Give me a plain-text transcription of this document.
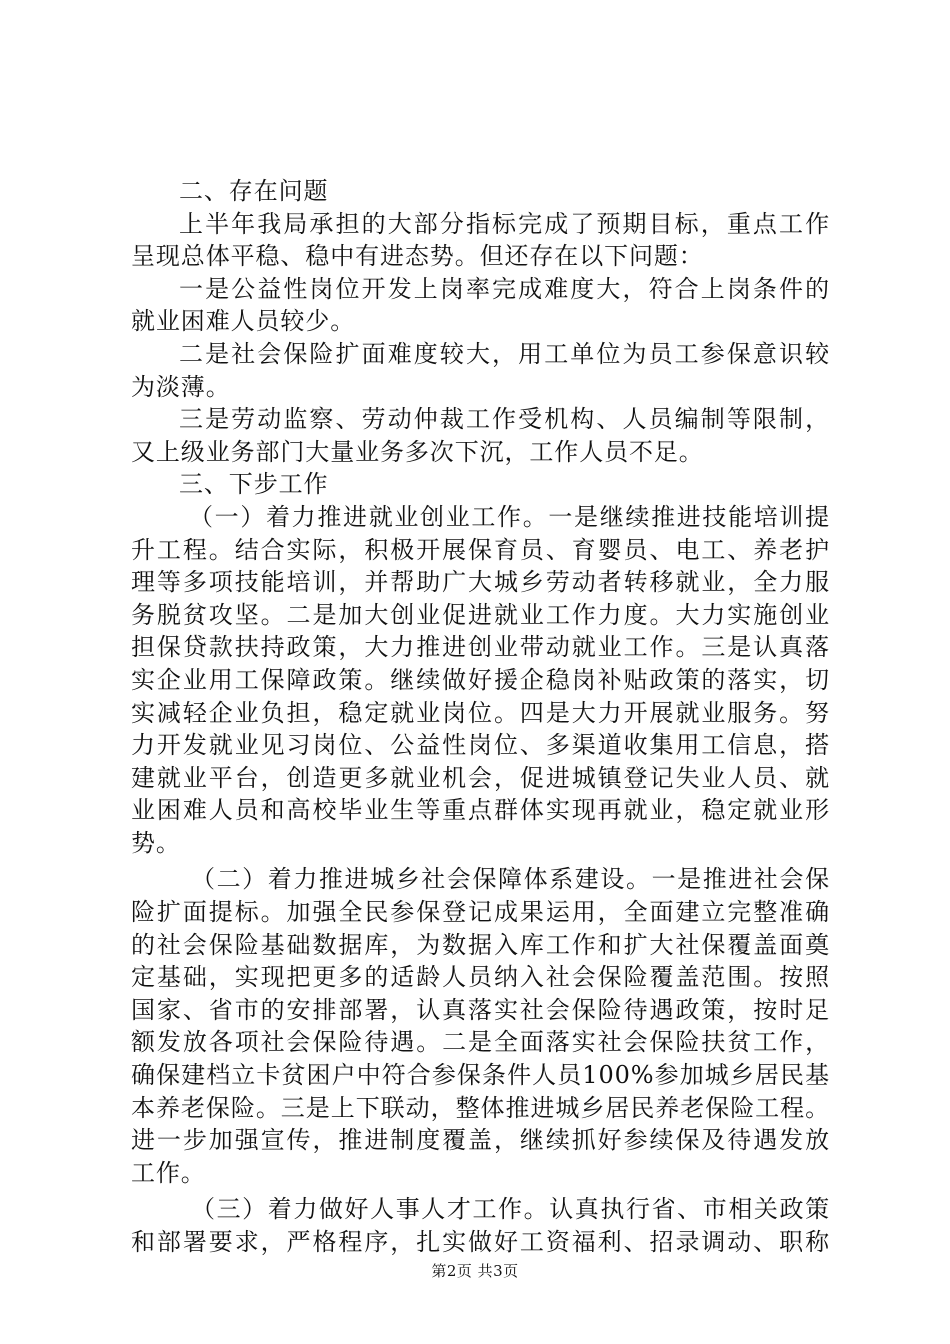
二、存在问题
上半年我局承担的大部分指标完成了预期目标，重点工作
呈现总体平稳、稳中有进态势。但还存在以下问题：
一是公益性岗位开发上岗率完成难度大，符合上岗条件的
就业困难人员较少。
二是社会保险扩面难度较大，用工单位为员工参保意识较
为淡薄。
三是劳动监察、劳动仲裁工作受机构、人员编制等限制，
又上级业务部门大量业务多次下沉，工作人员不足。
三、下步工作
（一）着力推进就业创业工作。一是继续推进技能培训提
升工程。结合实际，积极开展保育员、育婴员、电工、养老护
理等多项技能培训，并帮助广大城乡劳动者转移就业，全力服
务脱贫攻坚。二是加大创业促进就业工作力度。大力实施创业
担保贷款扶持政策，大力推进创业带动就业工作。三是认真落
实企业用工保障政策。继续做好援企稳岗补贴政策的落实，切
实减轻企业负担，稳定就业岗位。四是大力开展就业服务。努
力开发就业见习岗位、公益性岗位、多渠道收集用工信息，搭
建就业平台，创造更多就业机会，促进城镇登记失业人员、就
业困难人员和高校毕业生等重点群体实现再就业，稳定就业形
势。
（二）着力推进城乡社会保障体系建设。一是推进社会保
险扩面提标。加强全民参保登记成果运用，全面建立完整准确
的社会保险基础数据库，为数据入库工作和扩大社保覆盖面奠
定基础，实现把更多的适龄人员纳入社会保险覆盖范围。按照
国家、省市的安排部署，认真落实社会保险待遇政策，按时足
额发放各项社会保险待遇。二是全面落实社会保险扶贫工作，
确保建档立卡贫困户中符合参保条件人员100%参加城乡居民基
本养老保险。三是上下联动，整体推进城乡居民养老保险工程。
进一步加强宣传，推进制度覆盖，继续抓好参续保及待遇发放
工作。
（三）着力做好人事人才工作。认真执行省、市相关政策
和部署要求，严格程序，扎实做好工资福利、招录调动、职称
第2页 共3页
